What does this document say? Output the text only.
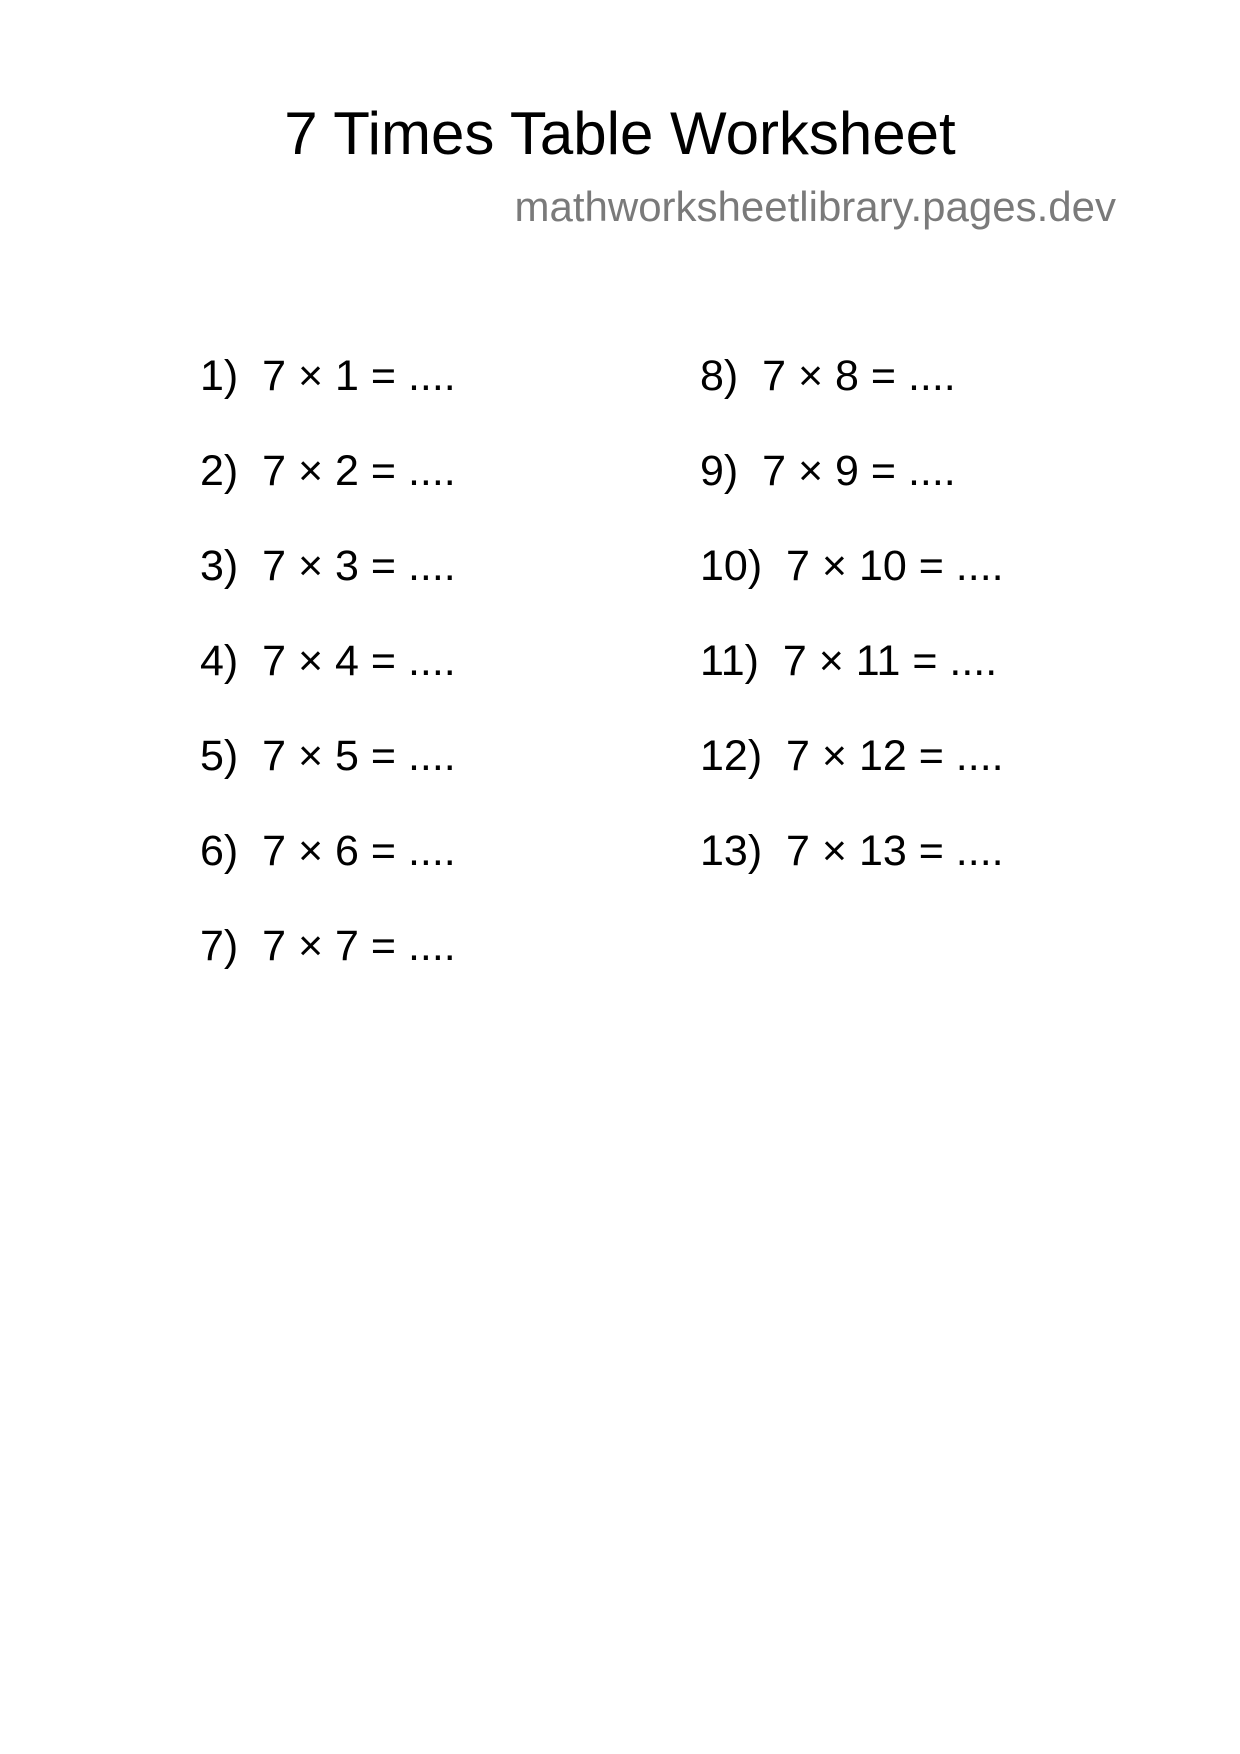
7 Times Table Worksheet
mathworksheetlibrary.pages.dev
1)  7 × 1 = ....
2)  7 × 2 = ....
3)  7 × 3 = ....
4)  7 × 4 = ....
5)  7 × 5 = ....
6)  7 × 6 = ....
7)  7 × 7 = ....
8)  7 × 8 = ....
9)  7 × 9 = ....
10)  7 × 10 = ....
11)  7 × 11 = ....
12)  7 × 12 = ....
13)  7 × 13 = ....
